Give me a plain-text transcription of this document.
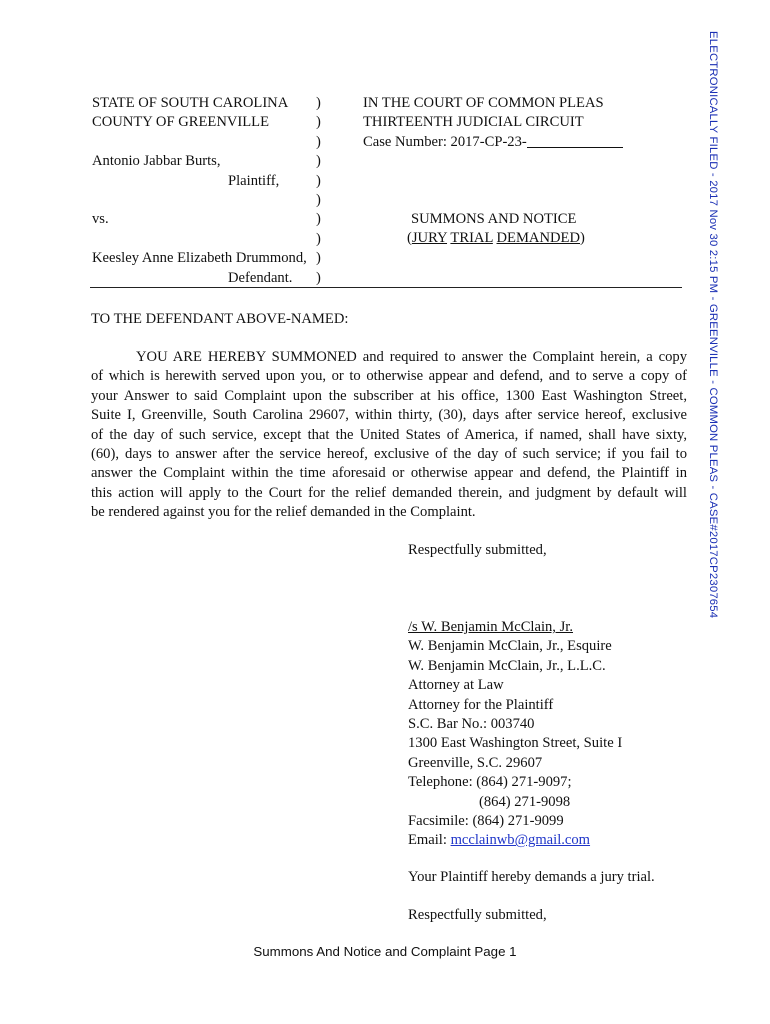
ELECTRONICALLY FILED - 2017 Nov 30 2:15 PM - GREENVILLE - COMMON PLEAS - CASE#2017CP2307654
STATE OF SOUTH CAROLINA
COUNTY OF GREENVILLE
Antonio Jabbar Burts,
Plaintiff,
vs.
Keesley Anne Elizabeth Drummond,
Defendant.
)
)
)
)
)
)
)
)
)
)
IN THE COURT OF COMMON PLEAS
THIRTEENTH JUDICIAL CIRCUIT
Case Number: 2017-CP-23-
SUMMONS AND NOTICE
(JURY TRIAL DEMANDED)
TO THE DEFENDANT ABOVE-NAMED:
YOU ARE HEREBY SUMMONED and required to answer the Complaint herein, a copy
of which is herewith served upon you, or to otherwise appear and defend, and to serve a copy of
your Answer to said Complaint upon the subscriber at his office, 1300 East Washington Street,
Suite I, Greenville, South Carolina 29607, within thirty, (30), days after service hereof, exclusive
of the day of such service, except that the United States of America, if named, shall have sixty,
(60), days to answer after the service hereof, exclusive of the day of such service; if you fail to
answer the Complaint within the time aforesaid or otherwise appear and defend, the Plaintiff in
this action will apply to the Court for the relief demanded therein, and judgment by default will
be rendered against you for the relief demanded in the Complaint.
Respectfully submitted,
/s W. Benjamin McClain, Jr.
W. Benjamin McClain, Jr., Esquire
W. Benjamin McClain, Jr., L.L.C.
Attorney at Law
Attorney for the Plaintiff
S.C. Bar No.: 003740
1300 East Washington Street, Suite I
Greenville, S.C. 29607
Telephone: (864) 271-9097;
(864) 271-9098
Facsimile: (864) 271-9099
Email: mcclainwb@gmail.com
Your Plaintiff hereby demands a jury trial.
Respectfully submitted,
Summons And Notice and Complaint Page 1
